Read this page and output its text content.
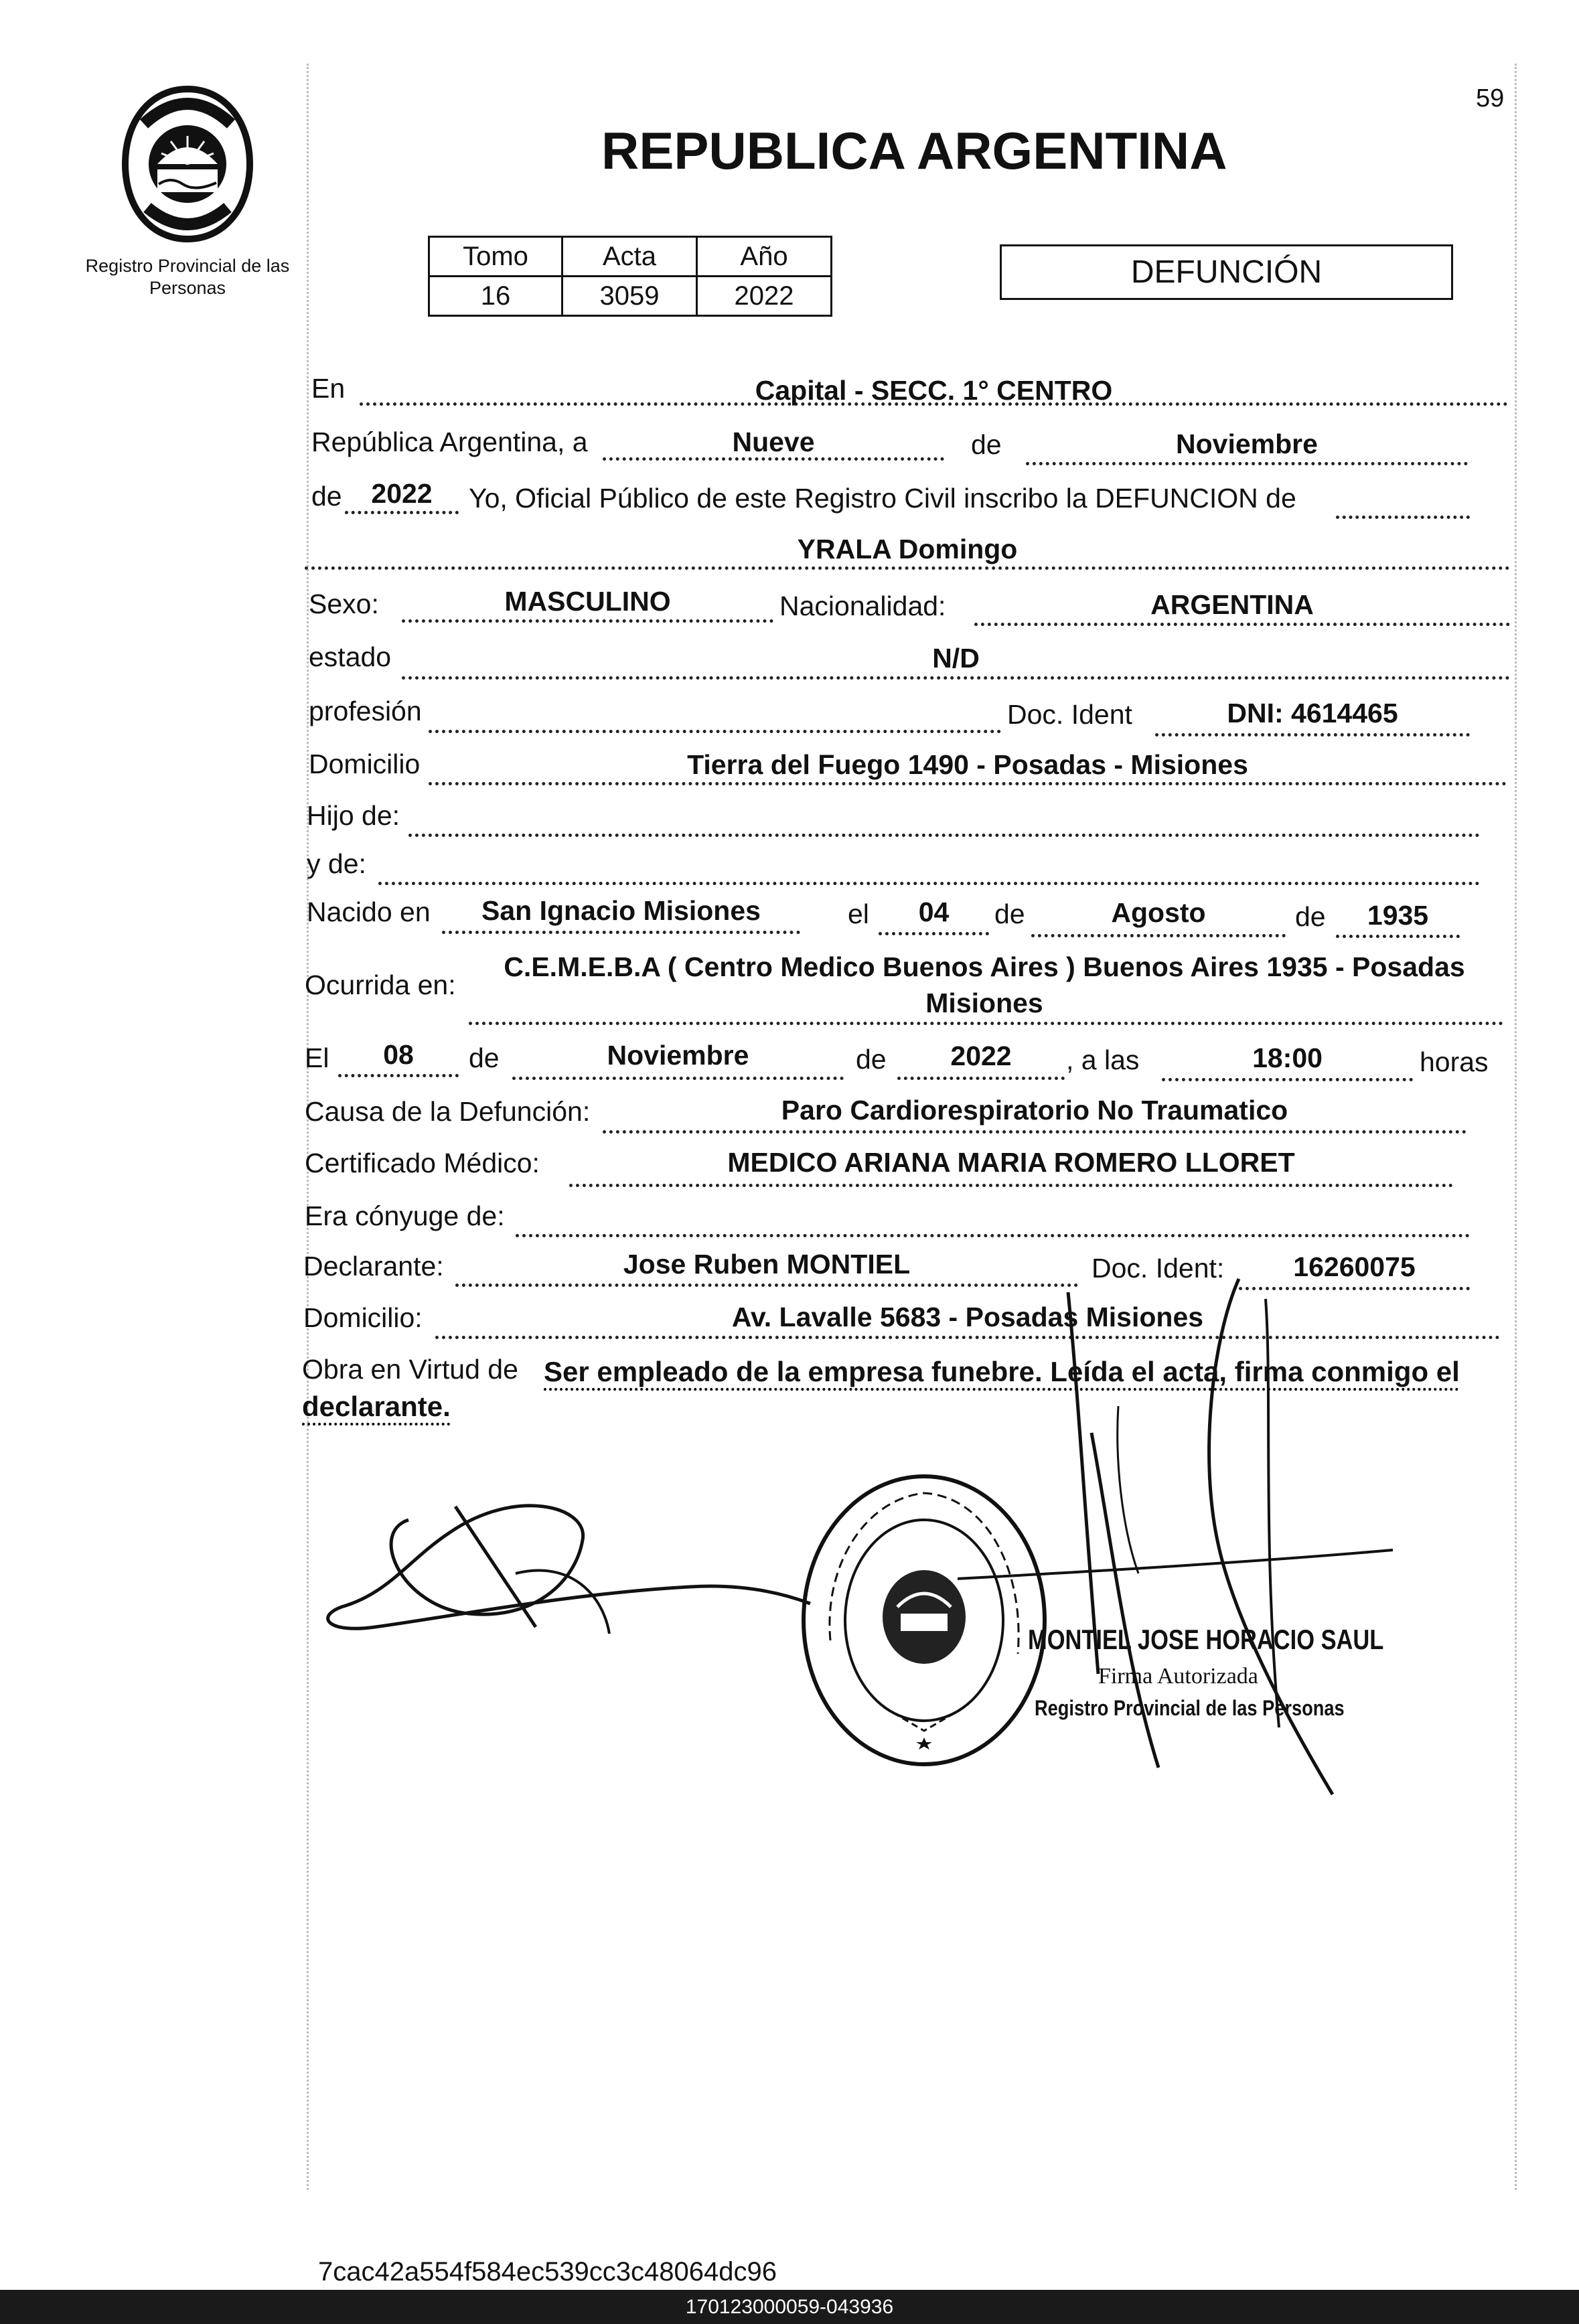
Registro Provincial de las Personas
59
REPUBLICA ARGENTINA
Tomo	Acta	Año
16	3059	2022
DEFUNCIÓN
En	Capital - SECC. 1° CENTRO
República Argentina, a	Nueve	de	Noviembre
de	2022	Yo, Oficial Público de este Registro Civil inscribo la DEFUNCION de
YRALA Domingo
Sexo:	MASCULINO	Nacionalidad:	ARGENTINA
estado	N/D
profesión	Doc. Ident	DNI: 4614465
Domicilio	Tierra del Fuego 1490 - Posadas - Misiones
Hijo de:
y de:
Nacido en	San Ignacio Misiones	el	04	de	Agosto	de	1935
Ocurrida en:
C.E.M.E.B.A ( Centro Medico Buenos Aires ) Buenos Aires 1935 - Posadas
Misiones
El	08	de	Noviembre	de	2022	, a las	18:00	horas
Causa de la Defunción:	Paro Cardiorespiratorio No Traumatico
Certificado Médico:	MEDICO ARIANA MARIA ROMERO LLORET
Era cónyuge de:
Declarante:	Jose Ruben MONTIEL	Doc. Ident:	16260075
Domicilio:	Av. Lavalle 5683 - Posadas Misiones
Obra en Virtud de Ser empleado de la empresa funebre. Leída el acta, firma conmigo el
declarante.
MONTIEL JOSE HORACIO SAUL
Firma Autorizada
Registro Provincial de las Personas
7cac42a554f584ec539cc3c48064dc96
170123000059-043936
